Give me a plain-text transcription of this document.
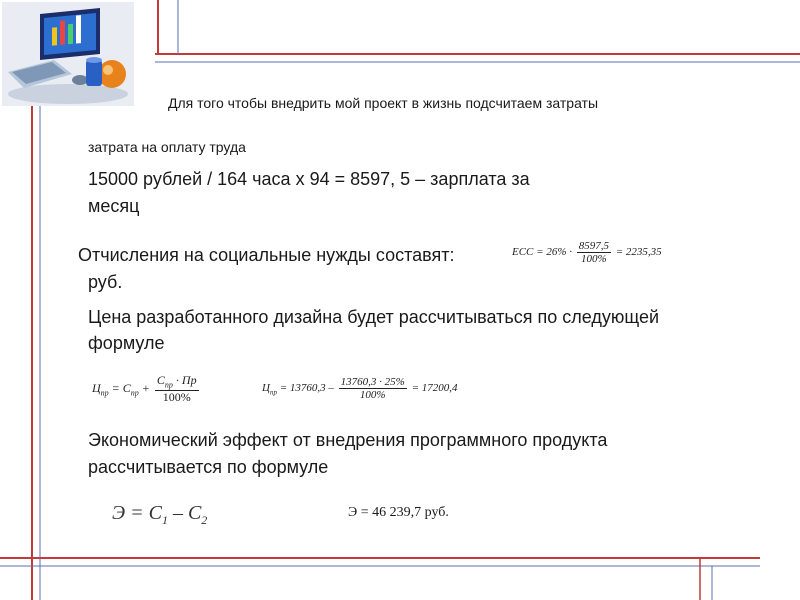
Для того чтобы внедрить мой проект в жизнь подсчитаем затраты
затрата на оплату труда
15000 рублей / 164 часа х 94 = 8597, 5 – зарплата за
месяц
Отчисления на социальные нужды составят:	ЕСС = $26\% \cdot \frac{8597,5}{100\%} = 2235,35$
руб.
Цена разработанного дизайна будет рассчитываться по следующей
формуле
$Ц_{пр} = С_{пр} + \frac{С_{пр} \cdot Пр}{100\%}$	$Ц_{пр} = 13760,3 - \frac{13760,3 \cdot 25\%}{100\%} = 17200,4$
Экономический эффект от внедрения программного продукта
рассчитывается по формуле
$Э = С_1 - С_2$	Э = 46 239,7 руб.
